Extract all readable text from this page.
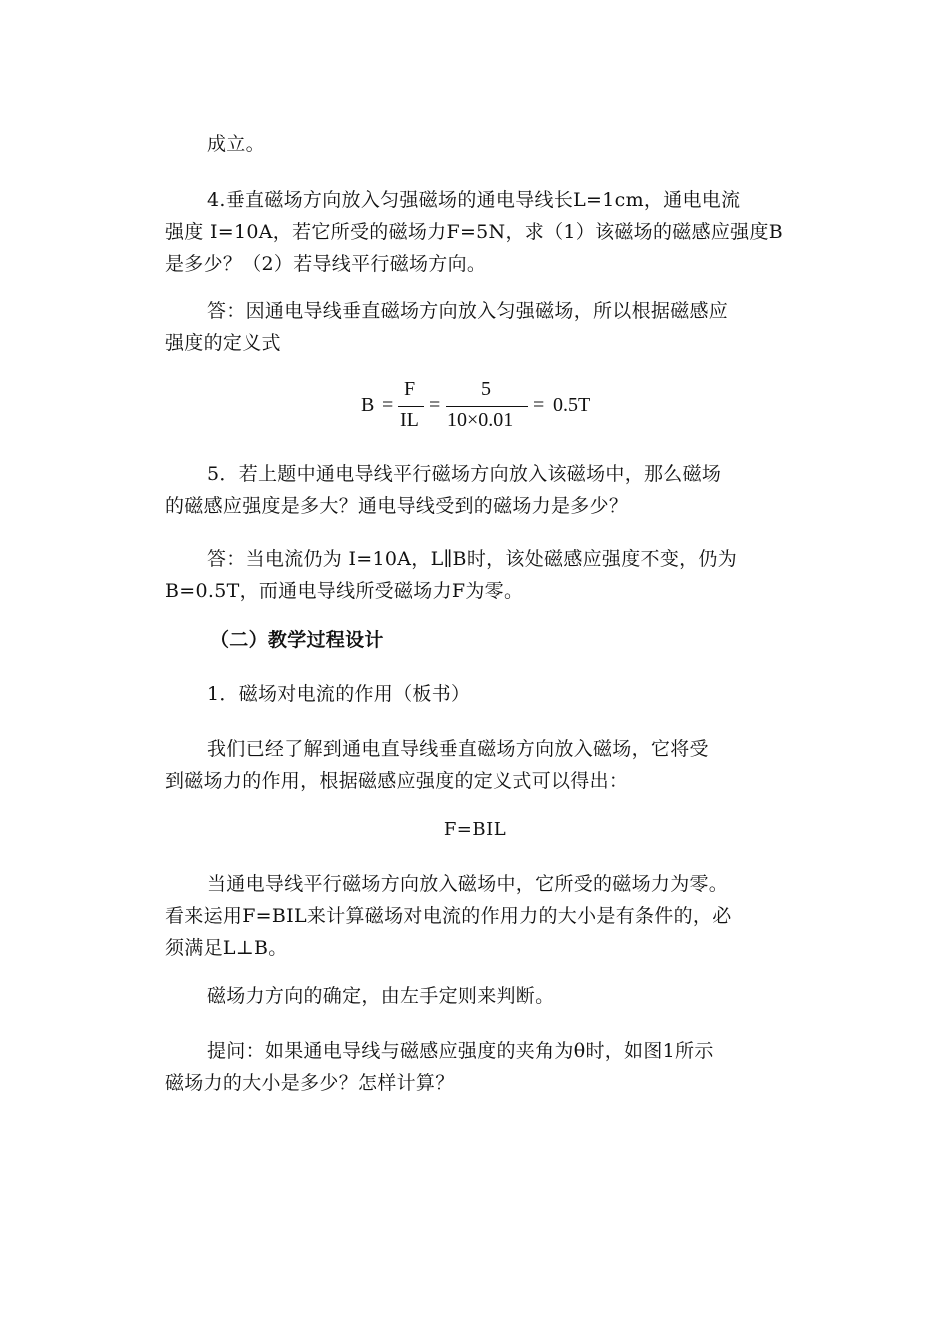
成立。

4.垂直磁场方向放入匀强磁场的通电导线长L=1cm，通电电流
强度 I=10A，若它所受的磁场力F=5N，求（1）该磁场的磁感应强度B
是多少？（2）若导线平行磁场方向。

答：因通电导线垂直磁场方向放入匀强磁场，所以根据磁感应
强度的定义式

B =
F
IL
=
5
10×0.01
= 0.5T

5．若上题中通电导线平行磁场方向放入该磁场中，那么磁场
的磁感应强度是多大？通电导线受到的磁场力是多少？

答：当电流仍为 I=10A，L∥B时，该处磁感应强度不变，仍为
B=0.5T，而通电导线所受磁场力F为零。

（二）教学过程设计

1．磁场对电流的作用（板书）

我们已经了解到通电直导线垂直磁场方向放入磁场，它将受
到磁场力的作用，根据磁感应强度的定义式可以得出：

F=BIL

当通电导线平行磁场方向放入磁场中，它所受的磁场力为零。
看来运用F=BIL来计算磁场对电流的作用力的大小是有条件的，必
须满足L⊥B。

磁场力方向的确定，由左手定则来判断。

提问：如果通电导线与磁感应强度的夹角为θ时，如图1所示
磁场力的大小是多少？怎样计算？
